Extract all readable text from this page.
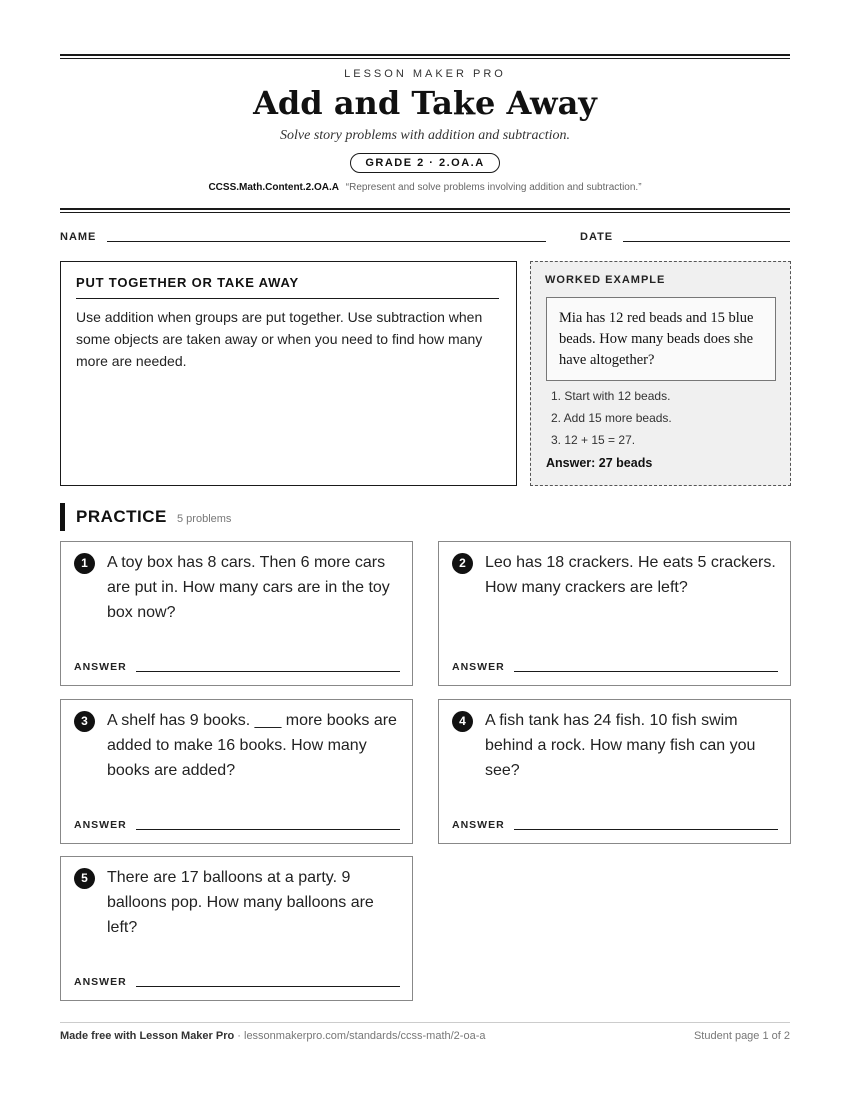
LESSON MAKER PRO
Add and Take Away
Solve story problems with addition and subtraction.
GRADE 2 · 2.OA.A
CCSS.Math.Content.2.OA.A “Represent and solve problems involving addition and subtraction.”
NAME	DATE
PUT TOGETHER OR TAKE AWAY
Use addition when groups are put together. Use subtraction when some objects are taken away or when you need to find how many more are needed.
WORKED EXAMPLE
Mia has 12 red beads and 15 blue beads. How many beads does she have altogether?
1. Start with 12 beads.
2. Add 15 more beads.
3. 12 + 15 = 27.
Answer: 27 beads
PRACTICE 5 problems
1	A toy box has 8 cars. Then 6 more cars are put in. How many cars are in the toy box now?
ANSWER
2	Leo has 18 crackers. He eats 5 crackers. How many crackers are left?
ANSWER
3	A shelf has 9 books. ___ more books are added to make 16 books. How many books are added?
ANSWER
4	A fish tank has 24 fish. 10 fish swim behind a rock. How many fish can you see?
ANSWER
5	There are 17 balloons at a party. 9 balloons pop. How many balloons are left?
ANSWER
Made free with Lesson Maker Pro · lessonmakerpro.com/standards/ccss-math/2-oa-a	Student page 1 of 2
